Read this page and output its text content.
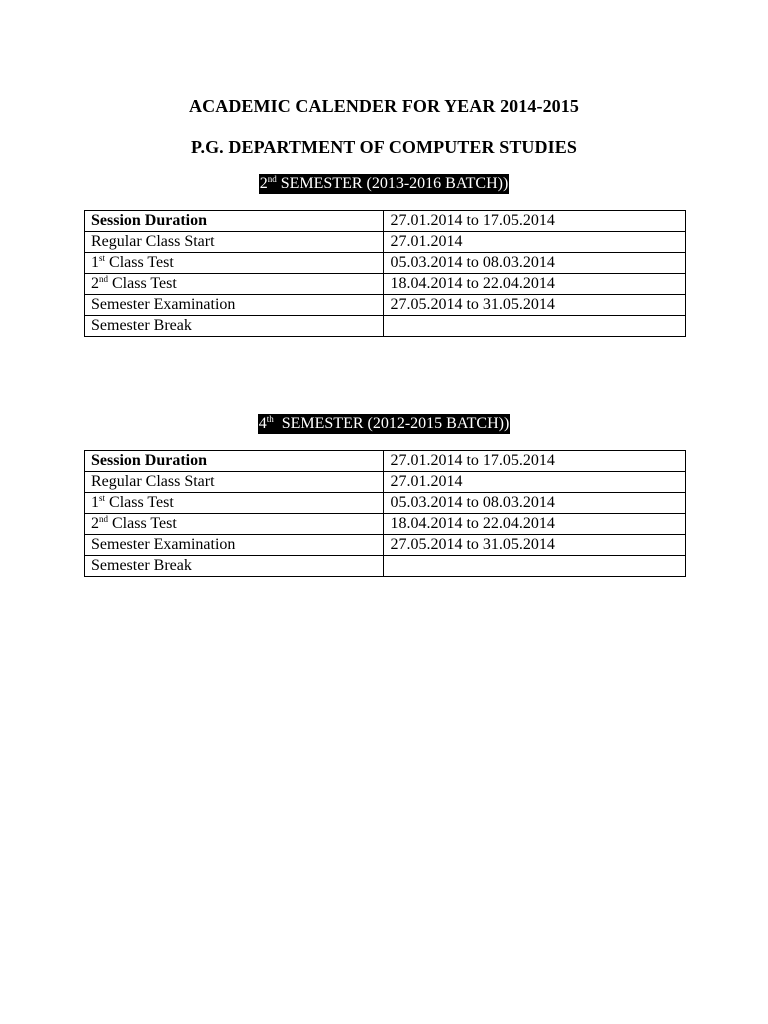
ACADEMIC CALENDER FOR YEAR 2014-2015
P.G. DEPARTMENT OF COMPUTER STUDIES
2nd SEMESTER (2013-2016 BATCH))
Session Duration	27.01.2014 to 17.05.2014
Regular Class Start	27.01.2014
1st Class Test	05.03.2014 to 08.03.2014
2nd Class Test	18.04.2014 to 22.04.2014
Semester Examination	27.05.2014 to 31.05.2014
Semester Break	
4th  SEMESTER (2012-2015 BATCH))
Session Duration	27.01.2014 to 17.05.2014
Regular Class Start	27.01.2014
1st Class Test	05.03.2014 to 08.03.2014
2nd Class Test	18.04.2014 to 22.04.2014
Semester Examination	27.05.2014 to 31.05.2014
Semester Break	
